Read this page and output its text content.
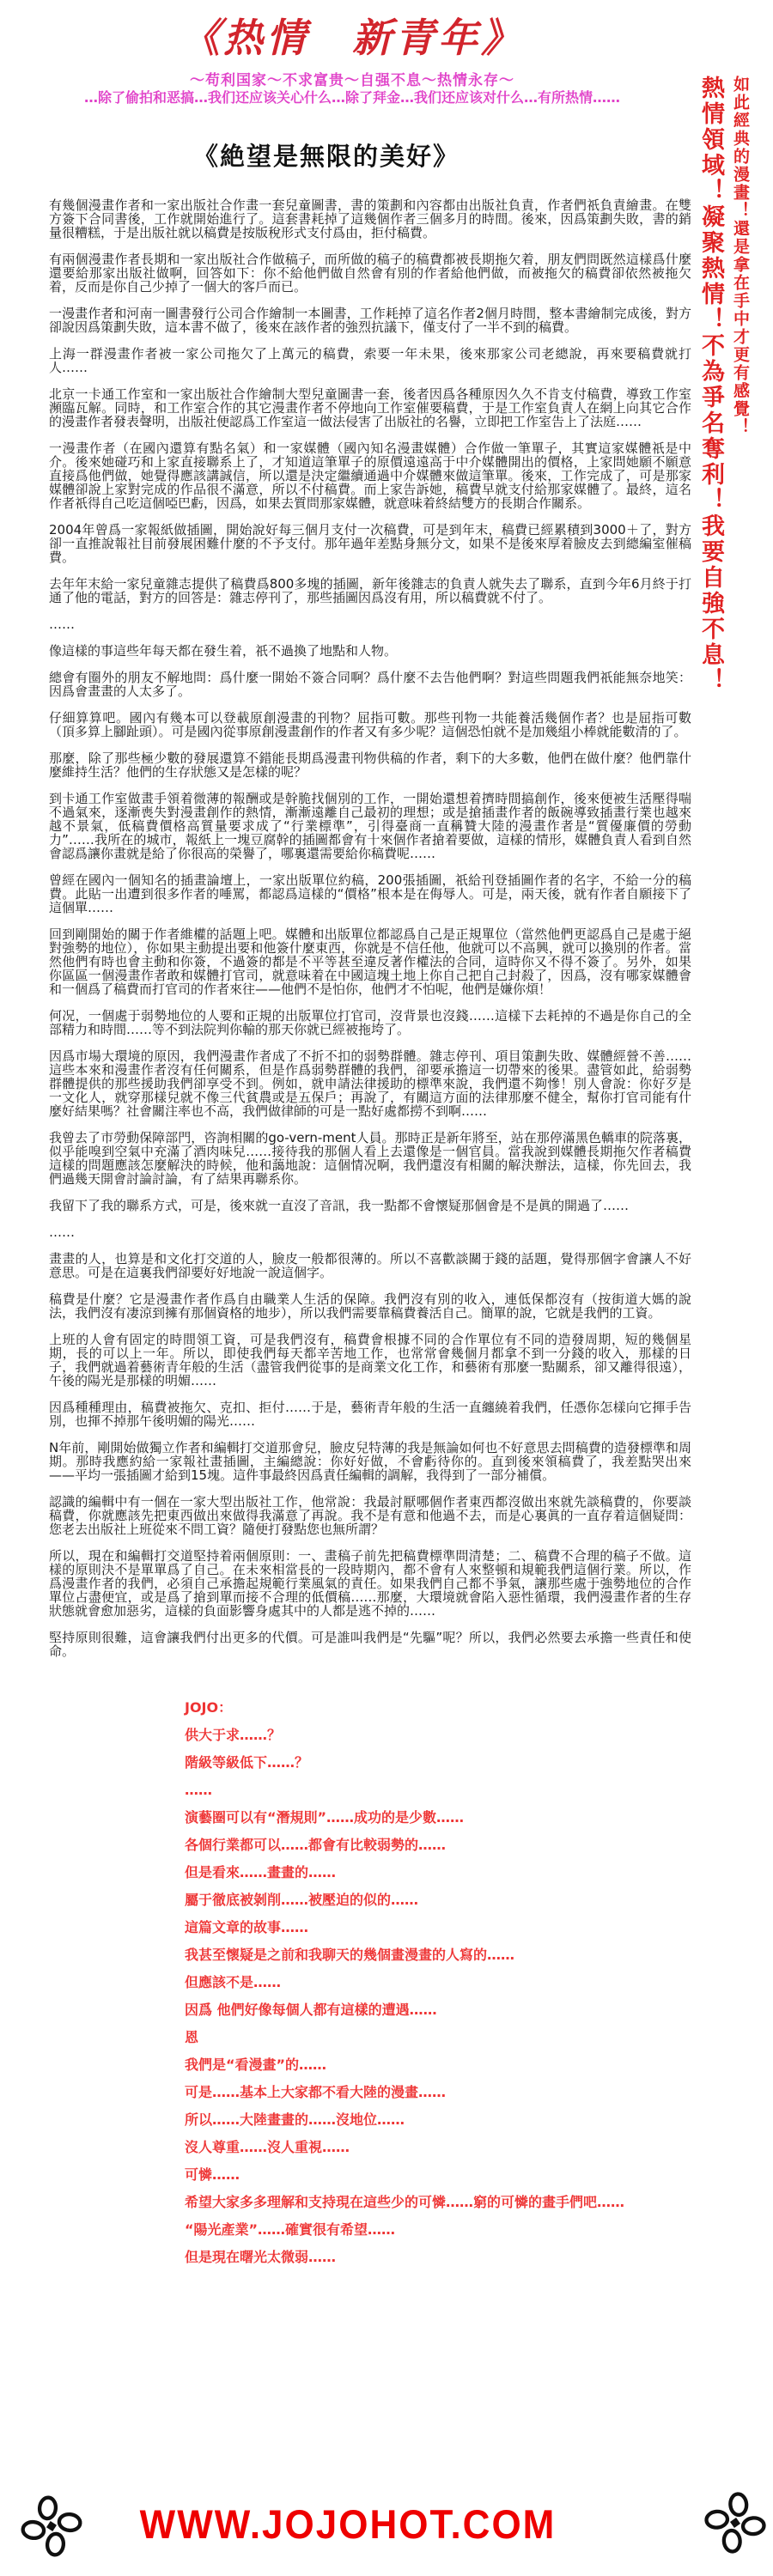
《热情　新青年》
～苟利国家～不求富贵～自强不息～热情永存～
…除了偷拍和恶搞…我们还应该关心什么…除了拜金…我们还应该对什么…有所热情……
《絶望是無限的美好》
有幾個漫畫作者和一家出版社合作畫一套兒童圖書，書的策劃和內容都由出版社負責，作者們祇負責繪畫。在雙方簽下合同書後，工作就開始進行了。這套書耗掉了這幾個作者三個多月的時間。後來，因爲策劃失敗，書的銷量很糟糕，于是出版社就以稿費是按版稅形式支付爲由，拒付稿費。
有兩個漫畫作者長期和一家出版社合作做稿子，而所做的稿子的稿費都被長期拖欠着，朋友們問既然這樣爲什麼還要給那家出版社做啊，回答如下：你不給他們做自然會有別的作者給他們做，而被拖欠的稿費卻依然被拖欠着，反而是你自己少掉了一個大的客戶而已。
一漫畫作者和河南一圖書發行公司合作繪制一本圖書，工作耗掉了這名作者2個月時間，整本書繪制完成後，對方卻說因爲策劃失敗，這本書不做了，後來在該作者的強烈抗議下，僅支付了一半不到的稿費。
上海一群漫畫作者被一家公司拖欠了上萬元的稿費，索要一年未果，後來那家公司老總說，再來要稿費就打人……
北京一卡通工作室和一家出版社合作繪制大型兒童圖書一套，後者因爲各種原因久久不肯支付稿費，導致工作室瀕臨瓦解。同時，和工作室合作的其它漫畫作者不停地向工作室催要稿費，于是工作室負責人在網上向其它合作的漫畫作者發表聲明，出版社便認爲工作室這一做法侵害了出版社的名譽，立即把工作室告上了法庭……
一漫畫作者（在國內還算有點名氣）和一家媒體（國內知名漫畫媒體）合作做一筆單子，其實這家媒體祇是中介。後來她碰巧和上家直接聯系上了，才知道這筆單子的原價遠遠高于中介媒體開出的價格，上家問她願不願意直接爲他們做，她覺得應該講誠信，所以還是決定繼續通過中介媒體來做這筆單。後來，工作完成了，可是那家媒體卻說上家對完成的作品很不滿意，所以不付稿費。而上家告訴她，稿費早就支付給那家媒體了。最終，這名作者祇得自己吃這個啞巴虧，因爲，如果去質問那家媒體，就意味着終結雙方的長期合作關系。
2004年曾爲一家報紙做插圖，開始說好每三個月支付一次稿費，可是到年末，稿費已經累積到3000＋了，對方卻一直推說報社目前發展困難什麼的不予支付。那年過年差點身無分文，如果不是後來厚着臉皮去到總編室催稿費。
去年年末給一家兒童雜志提供了稿費爲800多塊的插圖，新年後雜志的負責人就失去了聯系，直到今年6月終于打通了他的電話，對方的回答是：雜志停刊了，那些插圖因爲沒有用，所以稿費就不付了。
……
像這樣的事這些年每天都在發生着，祇不過換了地點和人物。
總會有圈外的朋友不解地問：爲什麼一開始不簽合同啊？爲什麼不去告他們啊？對這些問題我們祇能無奈地笑：因爲會畫畫的人太多了。
仔細算算吧。國內有幾本可以登載原創漫畫的刊物？屈指可數。那些刊物一共能養活幾個作者？也是屈指可數（頂多算上腳趾頭）。可是國內從事原創漫畫創作的作者又有多少呢？這個恐怕就不是加幾組小棒就能數清的了。
那麼，除了那些極少數的發展還算不錯能長期爲漫畫刊物供稿的作者，剩下的大多數，他們在做什麼？他們靠什麼維持生活？他們的生存狀態又是怎樣的呢？
到卡通工作室做畫手領着微薄的報酬或是幹脆找個別的工作，一開始還想着擠時間搞創作，後來便被生活壓得喘不過氣來，逐漸喪失對漫畫創作的熱情，漸漸遠離自己最初的理想；或是搶插畫作者的飯碗導致插畫行業也越來越不景氣，低稿費價格高質量要求成了“行業標準”，引得臺商一直稱贊大陸的漫畫作者是“質優廉價的勞動力”……我所在的城市，報紙上一塊豆腐幹的插圖都會有十來個作者搶着要做，這樣的情形，媒體負責人看到自然會認爲讓你畫就是給了你很高的榮譽了，哪裏還需要給你稿費呢……
曾經在國內一個知名的插畫論壇上，一家出版單位約稿，200張插圖，祇給刊登插圖作者的名字，不給一分的稿費。此貼一出遭到很多作者的唾罵，都認爲這樣的“價格”根本是在侮辱人。可是，兩天後，就有作者自願接下了這個單……
回到剛開始的關于作者維權的話題上吧。媒體和出版單位都認爲自己是正規單位（當然他們更認爲自己是處于絕對強勢的地位），你如果主動提出要和他簽什麼東西，你就是不信任他，他就可以不高興，就可以換別的作者。當然他們有時也會主動和你簽，不過簽的都是不平等甚至違反著作權法的合同，這時你又不得不簽了。另外，如果你區區一個漫畫作者敢和媒體打官司，就意味着在中國這塊土地上你自己把自己封殺了，因爲，沒有哪家媒體會和一個爲了稿費而打官司的作者來往——他們不是怕你，他們才不怕呢，他們是嫌你煩！
何况，一個處于弱勢地位的人要和正規的出版單位打官司，沒背景也沒錢……這樣下去耗掉的不過是你自己的全部精力和時間……等不到法院判你輸的那天你就已經被拖垮了。
因爲市場大環境的原因，我們漫畫作者成了不折不扣的弱勢群體。雜志停刊、項目策劃失敗、媒體經營不善……這些本來和漫畫作者沒有任何關系，但是作爲弱勢群體的我們，卻要承擔這一切帶來的後果。盡管如此，給弱勢群體提供的那些援助我們卻享受不到。例如，就申請法律援助的標準來說，我們還不夠慘！別人會說：你好歹是一文化人，就穿那樣兒就不像三代貧農或是五保戶；再說了，有關這方面的法律那麼不健全，幫你打官司能有什麼好結果嗎？社會關注率也不高，我們做律師的可是一點好處都撈不到啊……
我曾去了市勞動保障部門，咨詢相關的go-vern-ment人員。那時正是新年將至，站在那停滿黑色轎車的院落裏，似乎能嗅到空氣中充滿了酒肉味兒……接待我的那個人看上去還像是一個官員。當我說到媒體長期拖欠作者稿費這樣的問題應該怎麼解決的時候，他和藹地說：這個情况啊，我們還沒有相關的解決辦法，這樣，你先回去，我們過幾天開會討論討論，有了結果再聯系你。
我留下了我的聯系方式，可是，後來就一直沒了音訊，我一點都不會懷疑那個會是不是眞的開過了……
……
畫畫的人，也算是和文化打交道的人，臉皮一般都很薄的。所以不喜歡談關于錢的話題，覺得那個字會讓人不好意思。可是在這裏我們卻要好好地說一說這個字。
稿費是什麼？它是漫畫作者作爲自由職業人生活的保障。我們沒有別的收入，連低保都沒有（按街道大媽的說法，我們沒有凄涼到擁有那個資格的地步），所以我們需要靠稿費養活自己。簡單的說，它就是我們的工資。
上班的人會有固定的時間領工資，可是我們沒有，稿費會根據不同的合作單位有不同的造發周期，短的幾個星期，長的可以上一年。所以，即使我們每天都辛苦地工作，也常常會幾個月都拿不到一分錢的收入，那樣的日子，我們就過着藝術青年般的生活（盡管我們從事的是商業文化工作，和藝術有那麼一點關系，卻又離得很遠），午後的陽光是那樣的明媚……
因爲種種理由，稿費被拖欠、克扣、拒付……于是，藝術青年般的生活一直纏繞着我們，任憑你怎樣向它揮手告別，也揮不掉那午後明媚的陽光……
N年前，剛開始做獨立作者和編輯打交道那會兒，臉皮兒特薄的我是無論如何也不好意思去問稿費的造發標準和周期。那時我應約給一家報社畫插圖，主編總說：你好好做，不會虧待你的。直到後來領稿費了，我差點哭出來——平均一張插圖才給到15塊。這件事最終因爲責任編輯的調解，我得到了一部分補償。
認識的編輯中有一個在一家大型出版社工作，他常說：我最討厭哪個作者東西都沒做出來就先談稿費的，你要談稿費，你就應該先把東西做出來做得我滿意了再說。我不是有意和他過不去，而是心裏眞的一直存着這個疑問：您老去出版社上班從來不問工資？隨便打發點您也無所謂？
所以，現在和編輯打交道堅持着兩個原則：一、畫稿子前先把稿費標準問清楚；二、稿費不合理的稿子不做。這樣的原則決不是單單爲了自己。在未來相當長的一段時期內，都不會有人來整頓和規範我們這個行業。所以，作爲漫畫作者的我們，必須自己承擔起規範行業風氣的責任。如果我們自己都不爭氣，讓那些處于強勢地位的合作單位占盡便宜，或是爲了搶到單而接不合理的低價稿……那麼，大環境就會陷入惡性循環，我們漫畫作者的生存狀態就會愈加惡劣，這樣的負面影響身處其中的人都是逃不掉的……
堅持原則很難，這會讓我們付出更多的代價。可是誰叫我們是“先驅”呢？所以，我們必然要去承擔一些責任和使命。
JOJO：
供大于求……？
階級等級低下……？
……
演藝圈可以有“潛規則”……成功的是少數……
各個行業都可以……都會有比較弱勢的……
但是看來……畫畫的……
屬于徹底被剝削……被壓迫的似的……
這篇文章的故事……
我甚至懷疑是之前和我聊天的幾個畫漫畫的人寫的……
但應該不是……
因爲 他們好像每個人都有這樣的遭遇……
恩
我們是“看漫畫”的……
可是……基本上大家都不看大陸的漫畫……
所以……大陸畫畫的……沒地位……
沒人尊重……沒人重視……
可憐……
希望大家多多理解和支持現在這些少的可憐……窮的可憐的畫手們吧……
“陽光產業”……確實很有希望……
但是現在曙光太微弱……
熱情領域！凝聚熱情！不為爭名奪利！我要自強不息！ 如此經典的漫畫！還是拿在手中才更有感覺！
WWW.JOJOHOT.COM
